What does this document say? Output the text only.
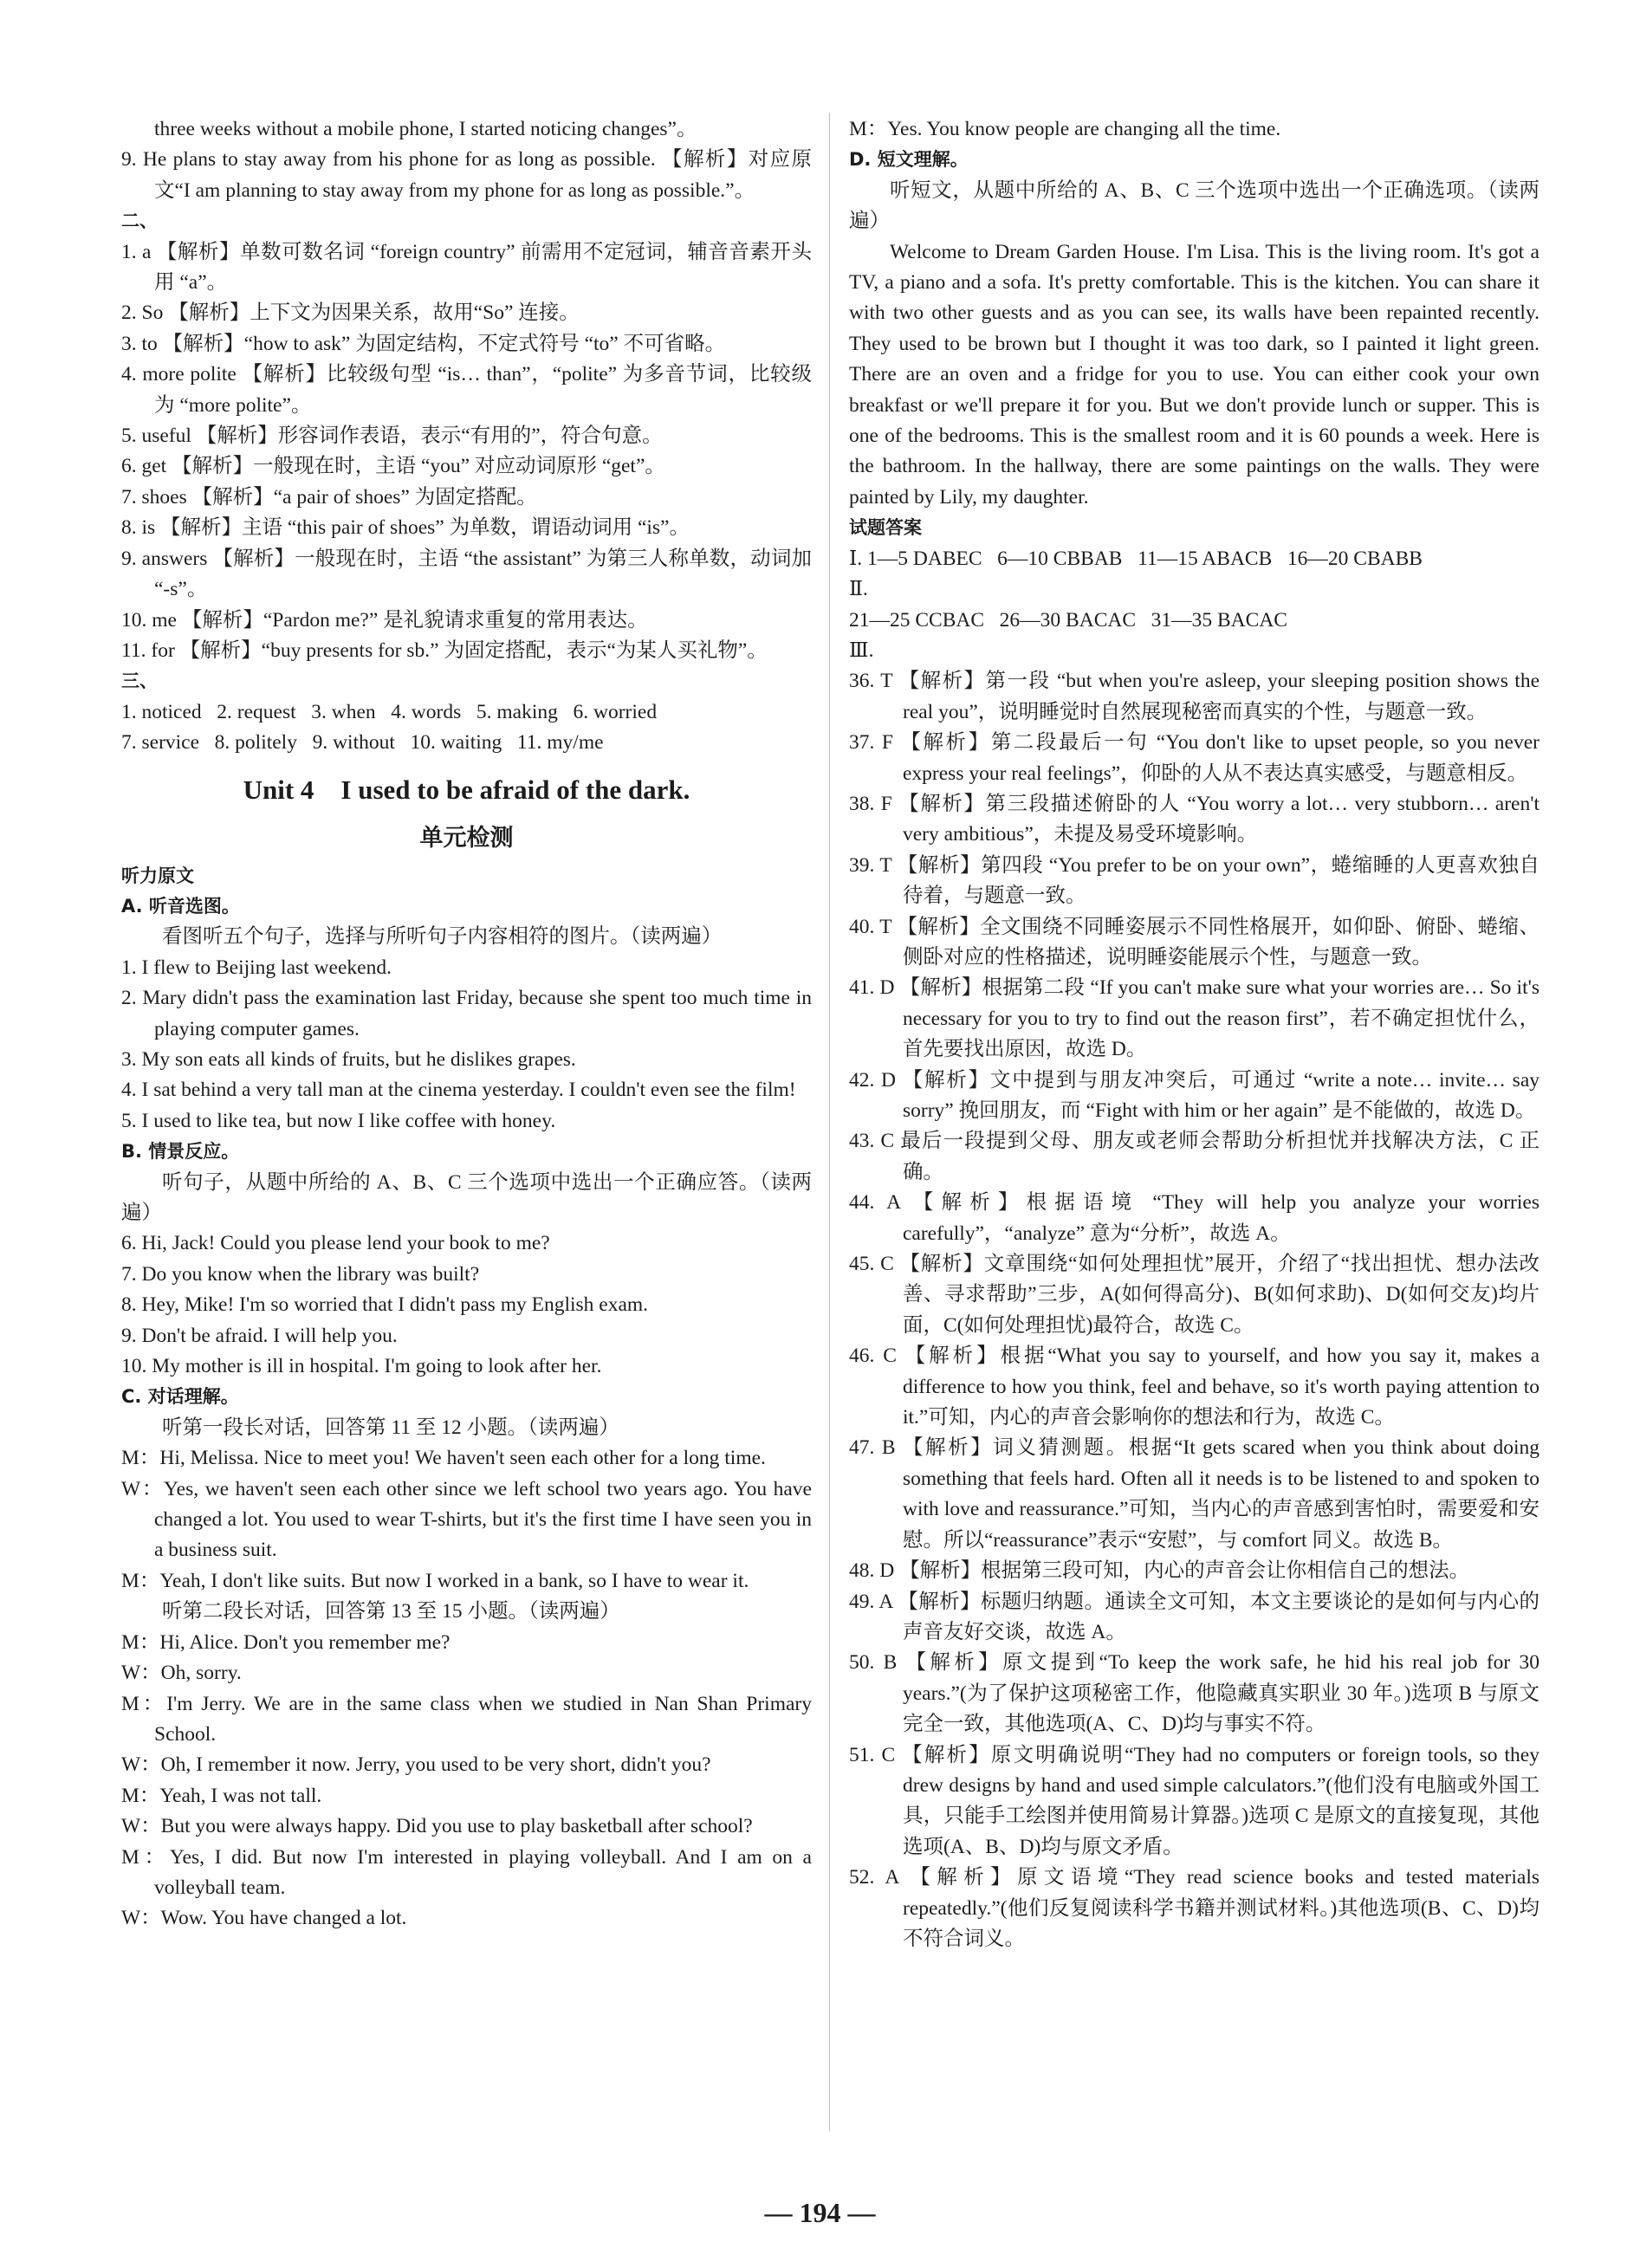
three weeks without a mobile phone, I started noticing changes”。
9. He plans to stay away from his phone for as long as possible. 【解析】对应原文“I am planning to stay away from my phone for as long as possible.”。
二、
1. a 【解析】单数可数名词 “foreign country” 前需用不定冠词，辅音音素开头用 “a”。
2. So 【解析】上下文为因果关系，故用“So” 连接。
3. to 【解析】“how to ask” 为固定结构，不定式符号 “to” 不可省略。
4. more polite 【解析】比较级句型 “is… than”，“polite” 为多音节词，比较级为 “more polite”。
5. useful 【解析】形容词作表语，表示“有用的”，符合句意。
6. get 【解析】一般现在时，主语 “you” 对应动词原形 “get”。
7. shoes 【解析】“a pair of shoes” 为固定搭配。
8. is 【解析】主语 “this pair of shoes” 为单数，谓语动词用 “is”。
9. answers 【解析】一般现在时，主语 “the assistant” 为第三人称单数，动词加 “-s”。
10. me 【解析】“Pardon me?” 是礼貌请求重复的常用表达。
11. for 【解析】“buy presents for sb.” 为固定搭配，表示“为某人买礼物”。
三、
1. noticed   2. request   3. when   4. words   5. making   6. worried
7. service   8. politely   9. without   10. waiting   11. my/me
Unit 4    I used to be afraid of the dark.
单元检测
听力原文
A. 听音选图。
看图听五个句子，选择与所听句子内容相符的图片。（读两遍）
1. I flew to Beijing last weekend.
2. Mary didn't pass the examination last Friday, because she spent too much time in playing computer games.
3. My son eats all kinds of fruits, but he dislikes grapes.
4. I sat behind a very tall man at the cinema yesterday. I couldn't even see the film!
5. I used to like tea, but now I like coffee with honey.
B. 情景反应。
听句子，从题中所给的 A、B、C 三个选项中选出一个正确应答。（读两遍）
6. Hi, Jack! Could you please lend your book to me?
7. Do you know when the library was built?
8. Hey, Mike! I'm so worried that I didn't pass my English exam.
9. Don't be afraid. I will help you.
10. My mother is ill in hospital. I'm going to look after her.
C. 对话理解。
听第一段长对话，回答第 11 至 12 小题。（读两遍）
M：Hi, Melissa. Nice to meet you! We haven't seen each other for a long time.
W：Yes, we haven't seen each other since we left school two years ago. You have changed a lot. You used to wear T-shirts, but it's the first time I have seen you in a business suit.
M：Yeah, I don't like suits. But now I worked in a bank, so I have to wear it.
听第二段长对话，回答第 13 至 15 小题。（读两遍）
M：Hi, Alice. Don't you remember me?
W：Oh, sorry.
M：I'm Jerry. We are in the same class when we studied in Nan Shan Primary School.
W：Oh, I remember it now. Jerry, you used to be very short, didn't you?
M：Yeah, I was not tall.
W：But you were always happy. Did you use to play basketball after school?
M：Yes, I did. But now I'm interested in playing volleyball. And I am on a volleyball team.
W：Wow. You have changed a lot.
M：Yes. You know people are changing all the time.
D. 短文理解。
听短文，从题中所给的 A、B、C 三个选项中选出一个正确选项。（读两遍）
Welcome to Dream Garden House. I'm Lisa. This is the living room. It's got a TV, a piano and a sofa. It's pretty comfortable. This is the kitchen. You can share it with two other guests and as you can see, its walls have been repainted recently. They used to be brown but I thought it was too dark, so I painted it light green. There are an oven and a fridge for you to use. You can either cook your own breakfast or we'll prepare it for you. But we don't provide lunch or supper. This is one of the bedrooms. This is the smallest room and it is 60 pounds a week. Here is the bathroom. In the hallway, there are some paintings on the walls. They were painted by Lily, my daughter.
试题答案
Ⅰ. 1—5 DABEC   6—10 CBBAB   11—15 ABACB   16—20 CBABB
Ⅱ.
21—25 CCBAC   26—30 BACAC   31—35 BACAC
Ⅲ.
36. T 【解析】第一段 “but when you're asleep, your sleeping position shows the real you”，说明睡觉时自然展现秘密而真实的个性，与题意一致。
37. F 【解析】第二段最后一句 “You don't like to upset people, so you never express your real feelings”，仰卧的人从不表达真实感受，与题意相反。
38. F 【解析】第三段描述俯卧的人 “You worry a lot… very stubborn… aren't very ambitious”，未提及易受环境影响。
39. T 【解析】第四段 “You prefer to be on your own”，蜷缩睡的人更喜欢独自待着，与题意一致。
40. T 【解析】全文围绕不同睡姿展示不同性格展开，如仰卧、俯卧、蜷缩、侧卧对应的性格描述，说明睡姿能展示个性，与题意一致。
41. D 【解析】根据第二段 “If you can't make sure what your worries are… So it's necessary for you to try to find out the reason first”，若不确定担忧什么，首先要找出原因，故选 D。
42. D 【解析】文中提到与朋友冲突后，可通过 “write a note… invite… say sorry” 挽回朋友，而 “Fight with him or her again” 是不能做的，故选 D。
43. C 最后一段提到父母、朋友或老师会帮助分析担忧并找解决方法，C 正确。
44. A 【解析】根据语境 “They will help you analyze your worries carefully”，“analyze” 意为“分析”，故选 A。
45. C 【解析】文章围绕“如何处理担忧”展开，介绍了“找出担忧、想办法改善、寻求帮助”三步，A(如何得高分)、B(如何求助)、D(如何交友)均片面，C(如何处理担忧)最符合，故选 C。
46. C 【解析】根据“What you say to yourself, and how you say it, makes a difference to how you think, feel and behave, so it's worth paying attention to it.”可知，内心的声音会影响你的想法和行为，故选 C。
47. B 【解析】词义猜测题。根据“It gets scared when you think about doing something that feels hard. Often all it needs is to be listened to and spoken to with love and reassurance.”可知，当内心的声音感到害怕时，需要爱和安慰。所以“reassurance”表示“安慰”，与 comfort 同义。故选 B。
48. D 【解析】根据第三段可知，内心的声音会让你相信自己的想法。
49. A 【解析】标题归纳题。通读全文可知，本文主要谈论的是如何与内心的声音友好交谈，故选 A。
50. B 【解析】原文提到“To keep the work safe, he hid his real job for 30 years.”(为了保护这项秘密工作，他隐藏真实职业 30 年。)选项 B 与原文完全一致，其他选项(A、C、D)均与事实不符。
51. C 【解析】原文明确说明“They had no computers or foreign tools, so they drew designs by hand and used simple calculators.”(他们没有电脑或外国工具，只能手工绘图并使用简易计算器。)选项 C 是原文的直接复现，其他选项(A、B、D)均与原文矛盾。
52. A 【解析】原文语境“They read science books and tested materials repeatedly.”(他们反复阅读科学书籍并测试材料。)其他选项(B、C、D)均不符合词义。
— 194 —
